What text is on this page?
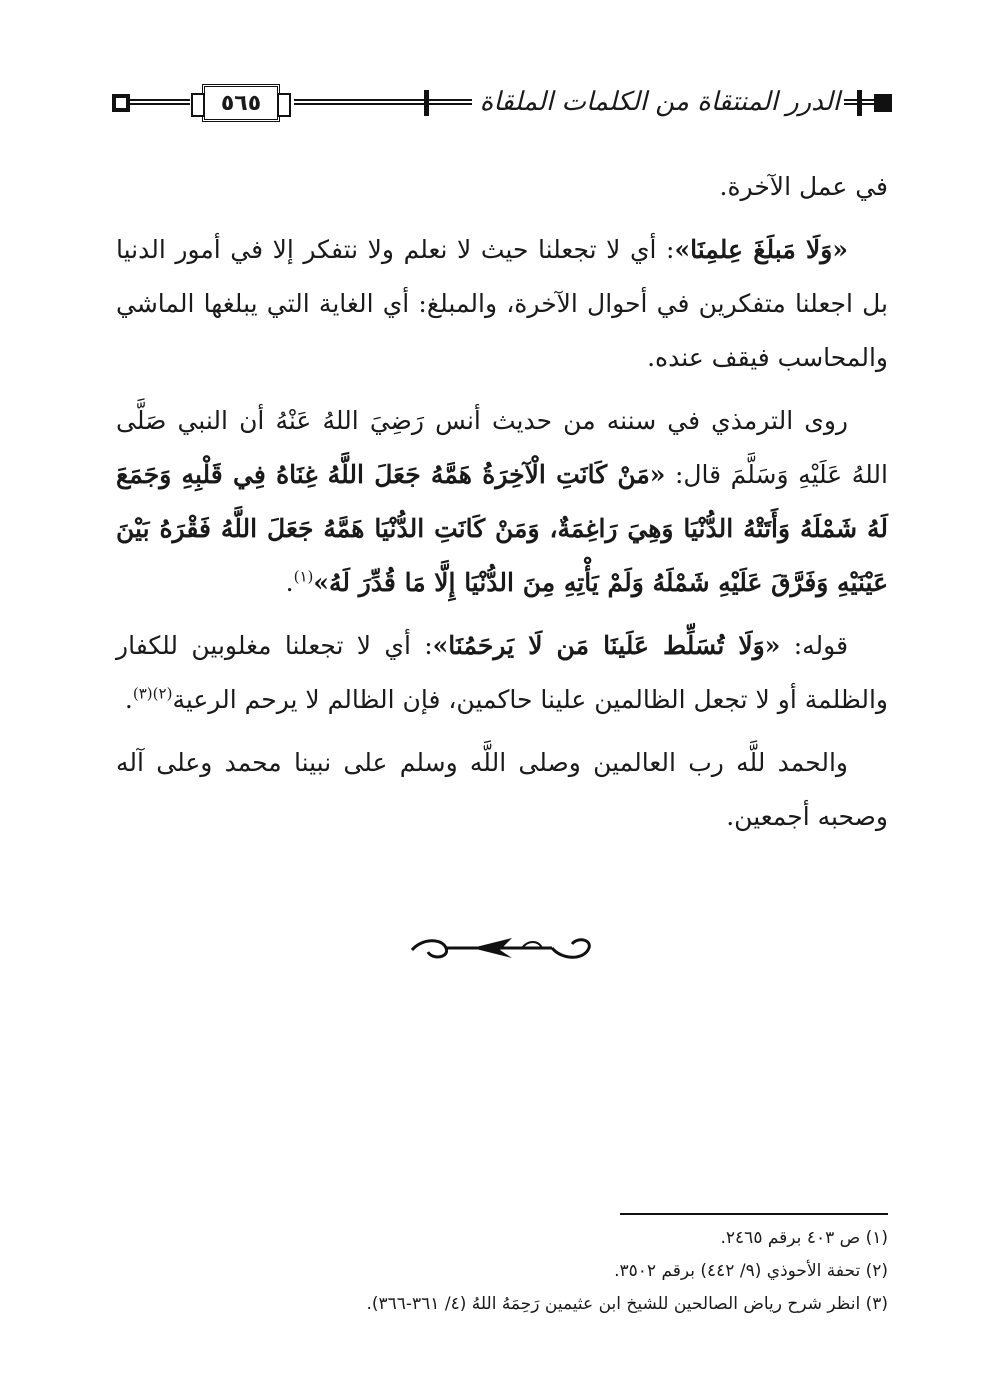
٥٦٥	الدرر المنتقاة من الكلمات الملقاة

في عمل الآخرة.

«وَلَا مَبلَغَ عِلمِنَا»: أي لا تجعلنا حيث لا نعلم ولا نتفكر إلا في أمور الدنيا بل اجعلنا متفكرين في أحوال الآخرة، والمبلغ: أي الغاية التي يبلغها الماشي والمحاسب فيقف عنده.

روى الترمذي في سننه من حديث أنس رَضِيَ اللهُ عَنْهُ أن النبي صَلَّى اللهُ عَلَيْهِ وَسَلَّمَ قال: «مَنْ كَانَتِ الْآخِرَةُ هَمَّهُ جَعَلَ اللَّهُ غِنَاهُ فِي قَلْبِهِ وَجَمَعَ لَهُ شَمْلَهُ وَأَتَتْهُ الدُّنْيَا وَهِيَ رَاغِمَةٌ، وَمَنْ كَانَتِ الدُّنْيَا هَمَّهُ جَعَلَ اللَّهُ فَقْرَهُ بَيْنَ عَيْنَيْهِ وَفَرَّقَ عَلَيْهِ شَمْلَهُ وَلَمْ يَأْتِهِ مِنَ الدُّنْيَا إِلَّا مَا قُدِّرَ لَهُ»$^{(١)}$.

قوله: «وَلَا تُسَلِّط عَلَينَا مَن لَا يَرحَمُنَا»: أي لا تجعلنا مغلوبين للكفار والظلمة أو لا تجعل الظالمين علينا حاكمين، فإن الظالم لا يرحم الرعية$^{(٢)(٣)}$.

والحمد للَّه رب العالمين وصلى اللَّه وسلم على نبينا محمد وعلى آله وصحبه أجمعين.

(١) ص ٤٠٣ برقم ٢٤٦٥.
(٢) تحفة الأحوذي (٩/ ٤٤٢) برقم ٣٥٠٢.
(٣) انظر شرح رياض الصالحين للشيخ ابن عثيمين رَحِمَهُ اللهُ (٤/ ٣٦١-٣٦٦).
